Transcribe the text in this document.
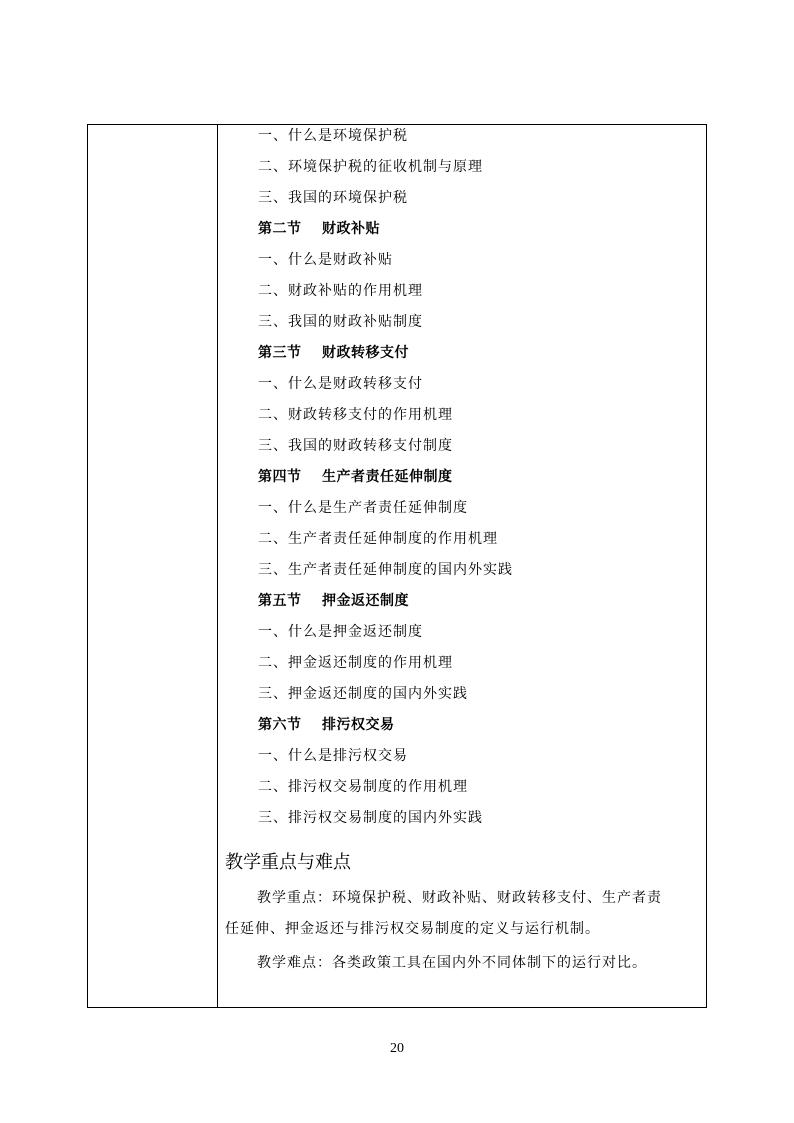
一、什么是环境保护税
二、环境保护税的征收机制与原理
三、我国的环境保护税
第二节 财政补贴
一、什么是财政补贴
二、财政补贴的作用机理
三、我国的财政补贴制度
第三节 财政转移支付
一、什么是财政转移支付
二、财政转移支付的作用机理
三、我国的财政转移支付制度
第四节 生产者责任延伸制度
一、什么是生产者责任延伸制度
二、生产者责任延伸制度的作用机理
三、生产者责任延伸制度的国内外实践
第五节 押金返还制度
一、什么是押金返还制度
二、押金返还制度的作用机理
三、押金返还制度的国内外实践
第六节 排污权交易
一、什么是排污权交易
二、排污权交易制度的作用机理
三、排污权交易制度的国内外实践
教学重点与难点
教学重点：环境保护税、财政补贴、财政转移支付、生产者责
任延伸、押金返还与排污权交易制度的定义与运行机制。
教学难点：各类政策工具在国内外不同体制下的运行对比。
20
